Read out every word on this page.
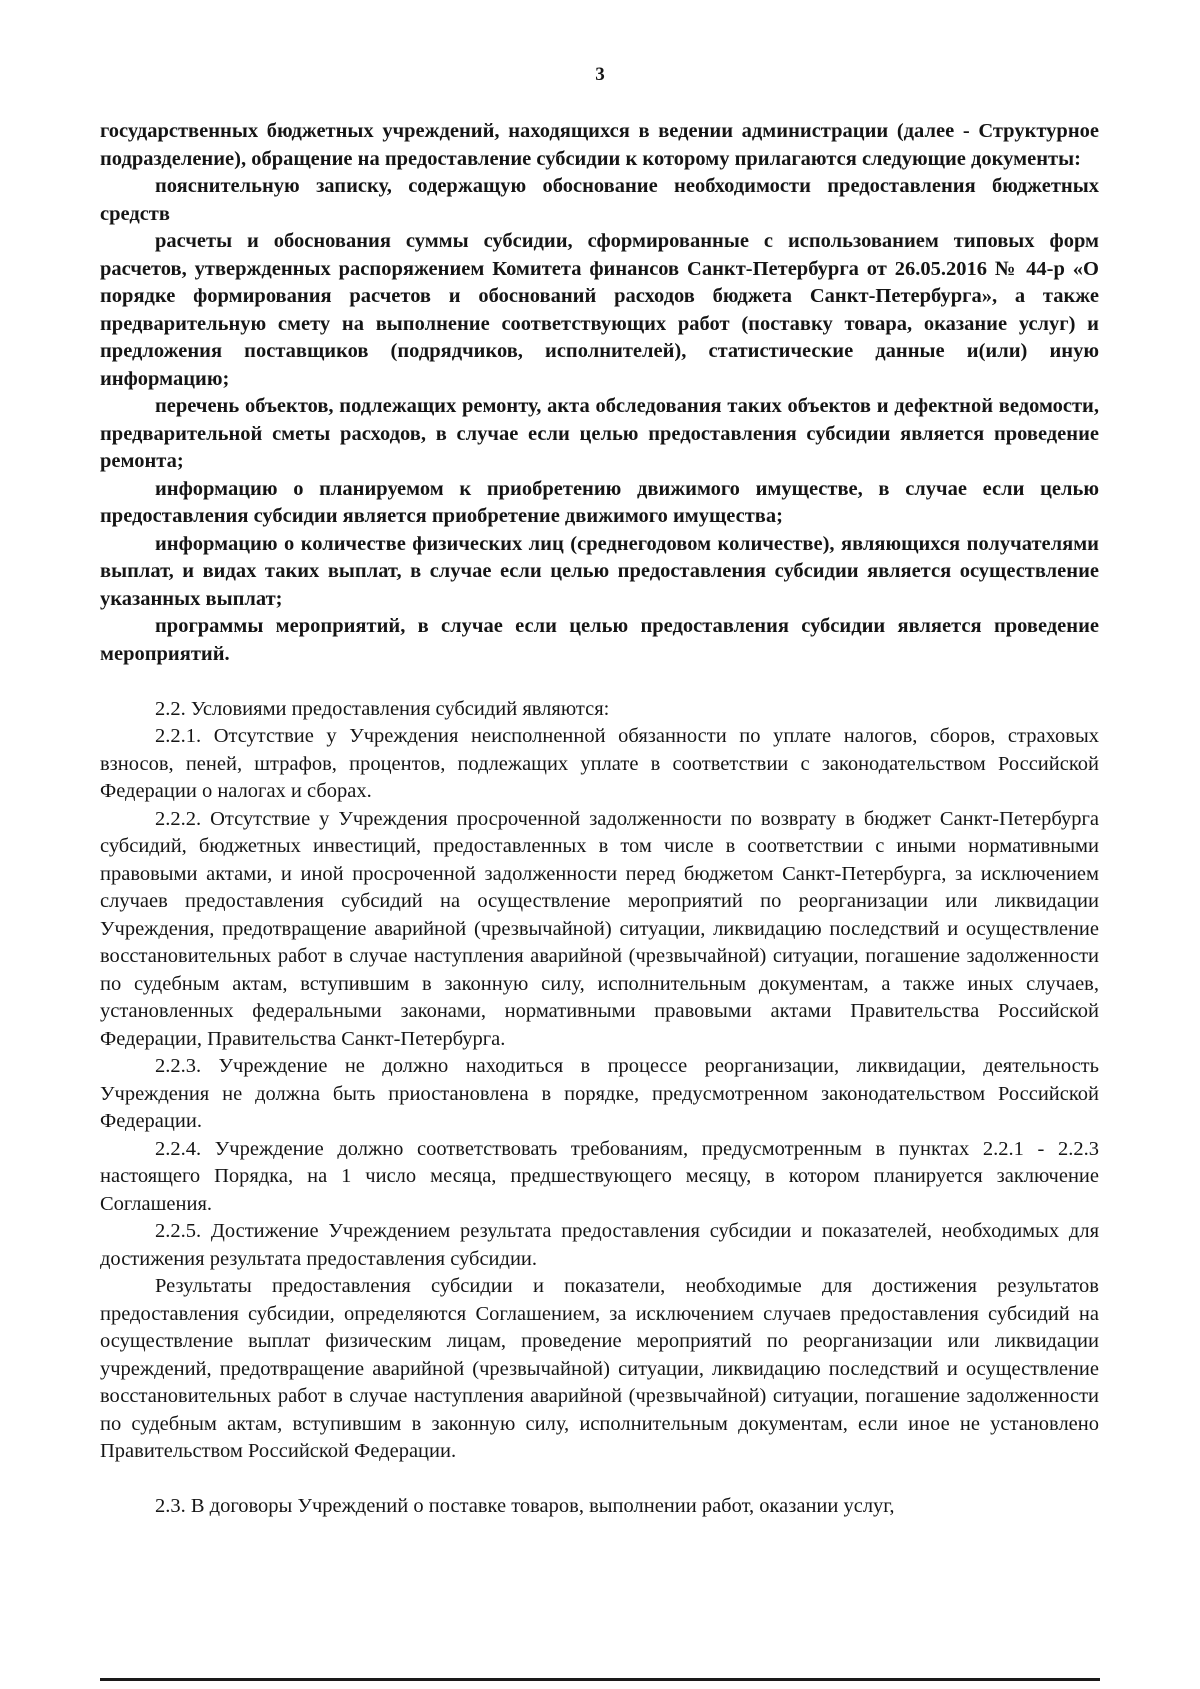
3

государственных бюджетных учреждений, находящихся в ведении администрации (далее - Структурное подразделение), обращение на предоставление субсидии к которому прилагаются следующие документы:

пояснительную записку, содержащую обоснование необходимости предоставления бюджетных средств

расчеты и обоснования суммы субсидии, сформированные с использованием типовых форм расчетов, утвержденных распоряжением Комитета финансов Санкт-Петербурга от 26.05.2016 № 44-р «О порядке формирования расчетов и обоснований расходов бюджета Санкт-Петербурга», а также предварительную смету на выполнение соответствующих работ (поставку товара, оказание услуг) и предложения поставщиков (подрядчиков, исполнителей), статистические данные и(или) иную информацию;

перечень объектов, подлежащих ремонту, акта обследования таких объектов и дефектной ведомости, предварительной сметы расходов, в случае если целью предоставления субсидии является проведение ремонта;

информацию о планируемом к приобретению движимого имуществе, в случае если целью предоставления субсидии является приобретение движимого имущества;

информацию о количестве физических лиц (среднегодовом количестве), являющихся получателями выплат, и видах таких выплат, в случае если целью предоставления субсидии является осуществление указанных выплат;

программы мероприятий, в случае если целью предоставления субсидии является проведение мероприятий.

2.2. Условиями предоставления субсидий являются:

2.2.1. Отсутствие у Учреждения неисполненной обязанности по уплате налогов, сборов, страховых взносов, пеней, штрафов, процентов, подлежащих уплате в соответствии с законодательством Российской Федерации о налогах и сборах.

2.2.2. Отсутствие у Учреждения просроченной задолженности по возврату в бюджет Санкт-Петербурга субсидий, бюджетных инвестиций, предоставленных в том числе в соответствии с иными нормативными правовыми актами, и иной просроченной задолженности перед бюджетом Санкт-Петербурга, за исключением случаев предоставления субсидий на осуществление мероприятий по реорганизации или ликвидации Учреждения, предотвращение аварийной (чрезвычайной) ситуации, ликвидацию последствий и осуществление восстановительных работ в случае наступления аварийной (чрезвычайной) ситуации, погашение задолженности по судебным актам, вступившим в законную силу, исполнительным документам, а также иных случаев, установленных федеральными законами, нормативными правовыми актами Правительства Российской Федерации, Правительства Санкт-Петербурга.

2.2.3. Учреждение не должно находиться в процессе реорганизации, ликвидации, деятельность Учреждения не должна быть приостановлена в порядке, предусмотренном законодательством Российской Федерации.

2.2.4. Учреждение должно соответствовать требованиям, предусмотренным в пунктах 2.2.1 - 2.2.3 настоящего Порядка, на 1 число месяца, предшествующего месяцу, в котором планируется заключение Соглашения.

2.2.5. Достижение Учреждением результата предоставления субсидии и показателей, необходимых для достижения результата предоставления субсидии.

Результаты предоставления субсидии и показатели, необходимые для достижения результатов предоставления субсидии, определяются Соглашением, за исключением случаев предоставления субсидий на осуществление выплат физическим лицам, проведение мероприятий по реорганизации или ликвидации учреждений, предотвращение аварийной (чрезвычайной) ситуации, ликвидацию последствий и осуществление восстановительных работ в случае наступления аварийной (чрезвычайной) ситуации, погашение задолженности по судебным актам, вступившим в законную силу, исполнительным документам, если иное не установлено Правительством Российской Федерации.

2.3. В договоры Учреждений о поставке товаров, выполнении работ, оказании услуг,
